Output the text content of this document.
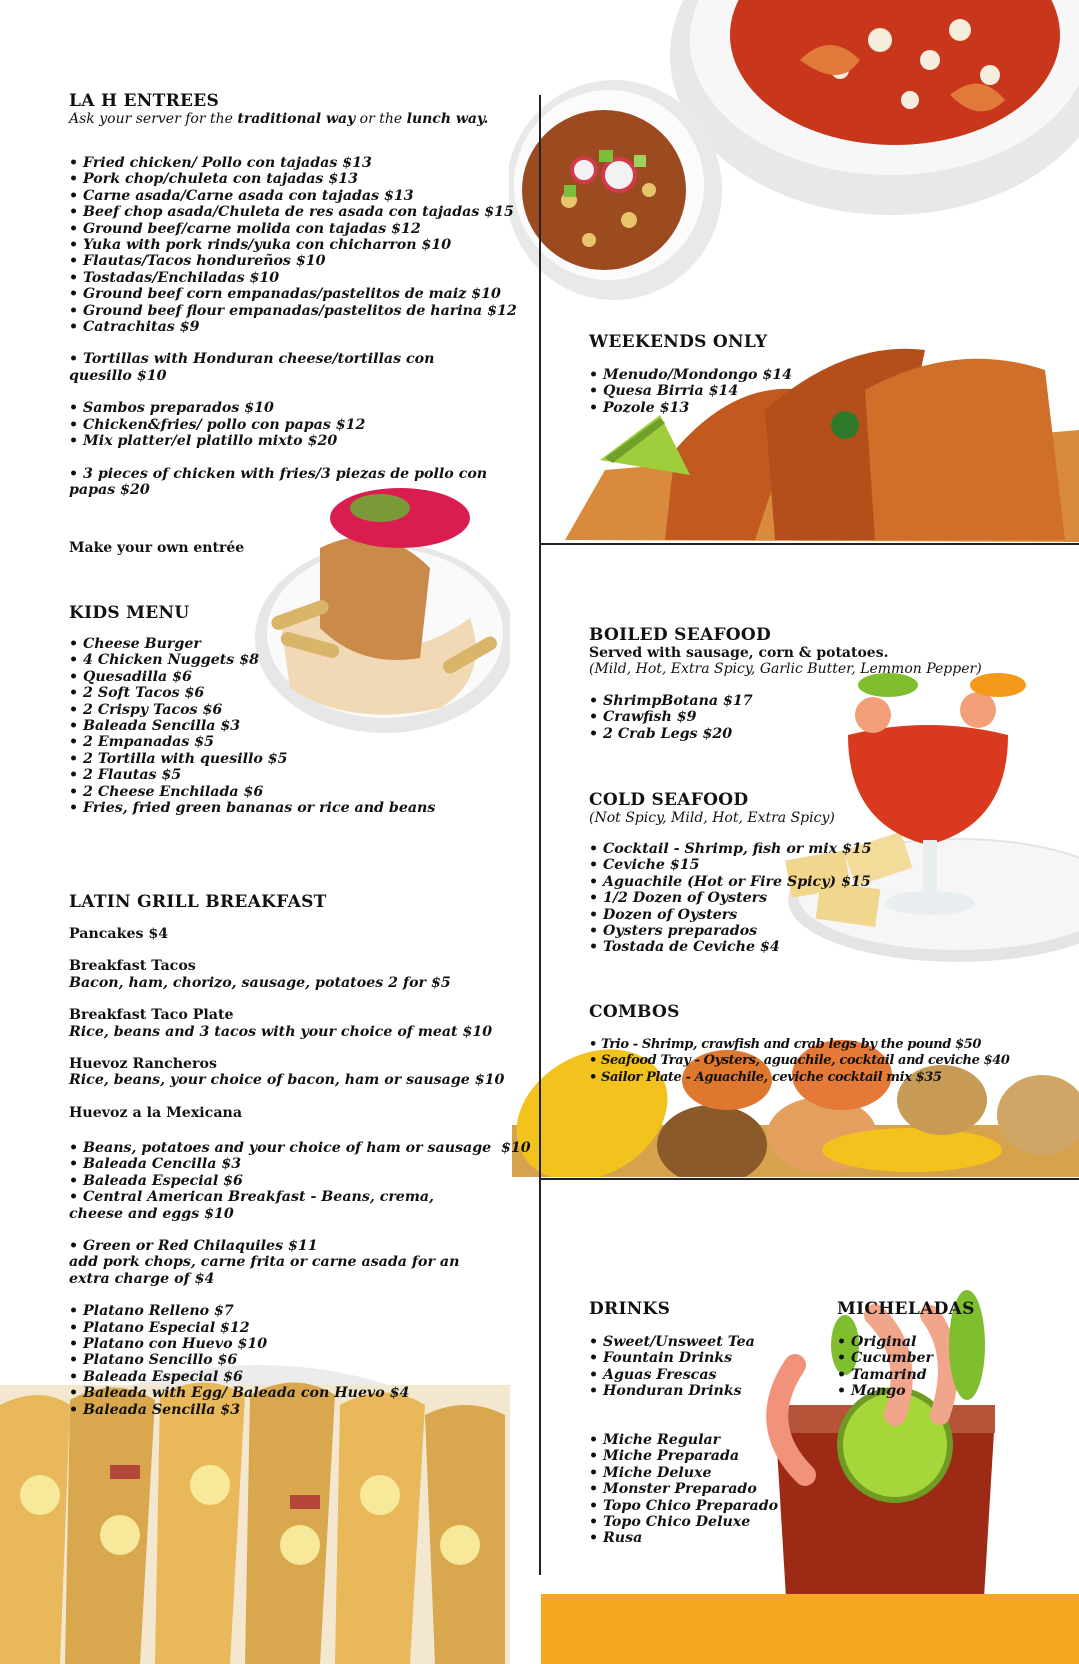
LA H ENTREES
Ask your server for the traditional way or the lunch way.
• Fried chicken/ Pollo con tajadas $13
• Pork chop/chuleta con tajadas $13
• Carne asada/Carne asada con tajadas $13
• Beef chop asada/Chuleta de res asada con tajadas $15
• Ground beef/carne molida con tajadas $12
• Yuka with pork rinds/yuka con chicharron $10
• Flautas/Tacos hondureños $10
• Tostadas/Enchiladas $10
• Ground beef corn empanadas/pastelitos de maiz $10
• Ground beef flour empanadas/pastelitos de harina $12
• Catrachitas $9
• Tortillas with Honduran cheese/tortillas con
quesillo $10
• Sambos preparados $10
• Chicken&fries/ pollo con papas $12
• Mix platter/el platillo mixto $20
• 3 pieces of chicken with fries/3 piezas de pollo con
papas $20
Make your own entrée
KIDS MENU
• Cheese Burger
• 4 Chicken Nuggets $8
• Quesadilla $6
• 2 Soft Tacos $6
• 2 Crispy Tacos $6
• Baleada Sencilla $3
• 2 Empanadas $5
• 2 Tortilla with quesillo $5
• 2 Flautas $5
• 2 Cheese Enchilada $6
• Fries, fried green bananas or rice and beans
LATIN GRILL BREAKFAST
Pancakes $4
Breakfast Tacos
Bacon, ham, chorizo, sausage, potatoes 2 for $5
Breakfast Taco Plate
Rice, beans and 3 tacos with your choice of meat $10
Huevoz Rancheros
Rice, beans, your choice of bacon, ham or sausage $10
Huevoz a la Mexicana
• Beans, potatoes and your choice of ham or sausage  $10
• Baleada Cencilla $3
• Baleada Especial $6
• Central American Breakfast - Beans, crema,
cheese and eggs $10
• Green or Red Chilaquiles $11
add pork chops, carne frita or carne asada for an
extra charge of $4
• Platano Relleno $7
• Platano Especial $12
• Platano con Huevo $10
• Platano Sencillo $6
• Baleada Especial $6
• Baleada with Egg/ Baleada con Huevo $4
• Baleada Sencilla $3
WEEKENDS ONLY
• Menudo/Mondongo $14
• Quesa Birria $14
• Pozole $13
BOILED SEAFOOD
Served with sausage, corn & potatoes.
(Mild, Hot, Extra Spicy, Garlic Butter, Lemmon Pepper)
• ShrimpBotana $17
• Crawfish $9
• 2 Crab Legs $20
COLD SEAFOOD
(Not Spicy, Mild, Hot, Extra Spicy)
• Cocktail - Shrimp, fish or mix $15
• Ceviche $15
• Aguachile (Hot or Fire Spicy) $15
• 1/2 Dozen of Oysters
• Dozen of Oysters
• Oysters preparados
• Tostada de Ceviche $4
COMBOS
• Trio - Shrimp, crawfish and crab legs by the pound $50
• Seafood Tray - Oysters, aguachile, cocktail and ceviche $40
• Sailor Plate - Aguachile, ceviche cocktail mix $35
DRINKS
• Sweet/Unsweet Tea
• Fountain Drinks
• Aguas Frescas
• Honduran Drinks
• Miche Regular
• Miche Preparada
• Miche Deluxe
• Monster Preparado
• Topo Chico Preparado
• Topo Chico Deluxe
• Rusa
MICHELADAS
• Original
• Cucumber
• Tamarind
• Mango
